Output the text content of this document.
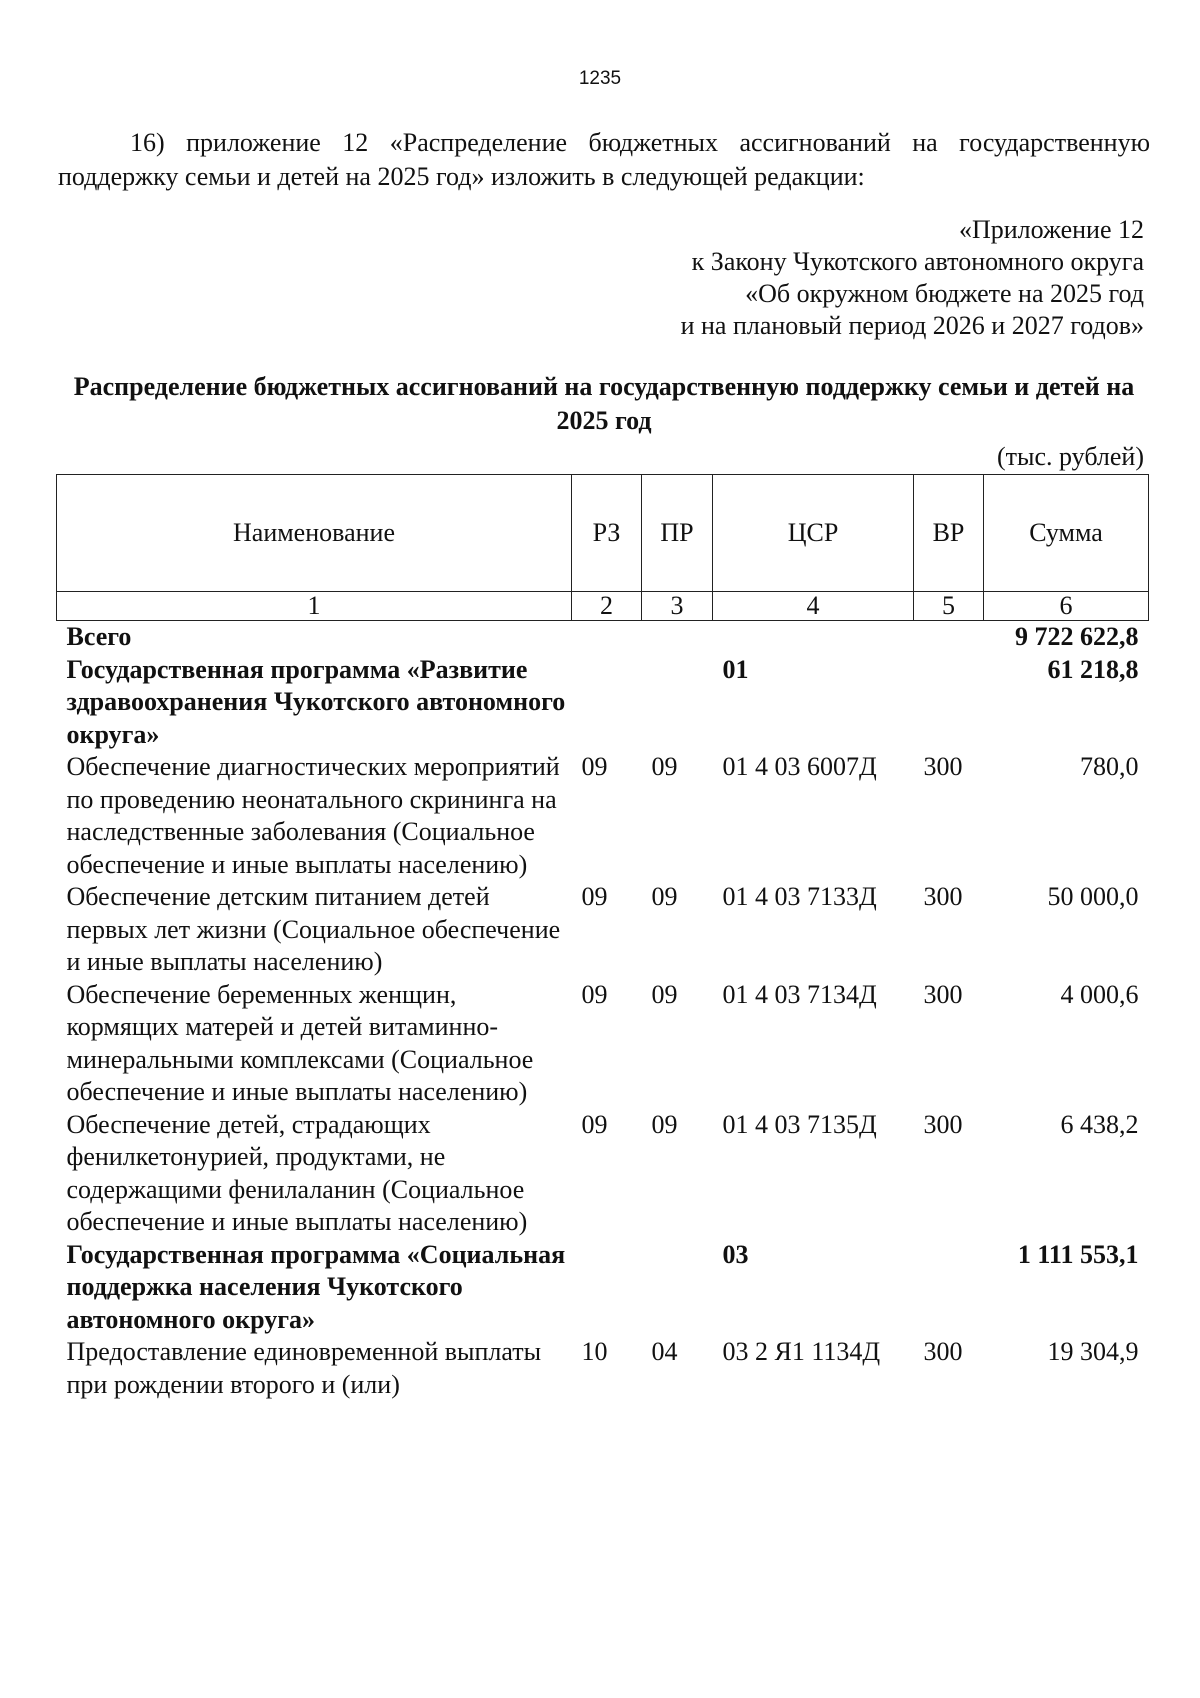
1235
16) приложение 12 «Распределение бюджетных ассигнований на государственную поддержку семьи и детей на 2025 год» изложить в следующей редакции:
«Приложение 12
к Закону Чукотского автономного округа
«Об окружном бюджете на 2025 год
и на плановый период 2026 и 2027 годов»
Распределение бюджетных ассигнований на государственную поддержку семьи и детей на 2025 год
(тыс. рублей)
Наименование	РЗ	ПР	ЦСР	ВР	Сумма
1	2	3	4	5	6
Всего					9 722 622,8
Государственная программа «Развитие здравоохранения Чукотского автономного округа»			01		61 218,8
Обеспечение диагностических мероприятий по проведению неонатального скрининга на наследственные заболевания (Социальное обеспечение и иные выплаты населению)	09	09	01 4 03 6007Д	300	780,0
Обеспечение детским питанием детей первых лет жизни (Социальное обеспечение и иные выплаты населению)	09	09	01 4 03 7133Д	300	50 000,0
Обеспечение беременных женщин, кормящих матерей и детей витаминно-минеральными комплексами (Социальное обеспечение и иные выплаты населению)	09	09	01 4 03 7134Д	300	4 000,6
Обеспечение детей, страдающих фенилкетонурией, продуктами, не содержащими фенилаланин (Социальное обеспечение и иные выплаты населению)	09	09	01 4 03 7135Д	300	6 438,2
Государственная программа «Социальная поддержка населения Чукотского автономного округа»			03		1 111 553,1
Предоставление единовременной выплаты при рождении второго и (или)	10	04	03 2 Я1 1134Д	300	19 304,9
